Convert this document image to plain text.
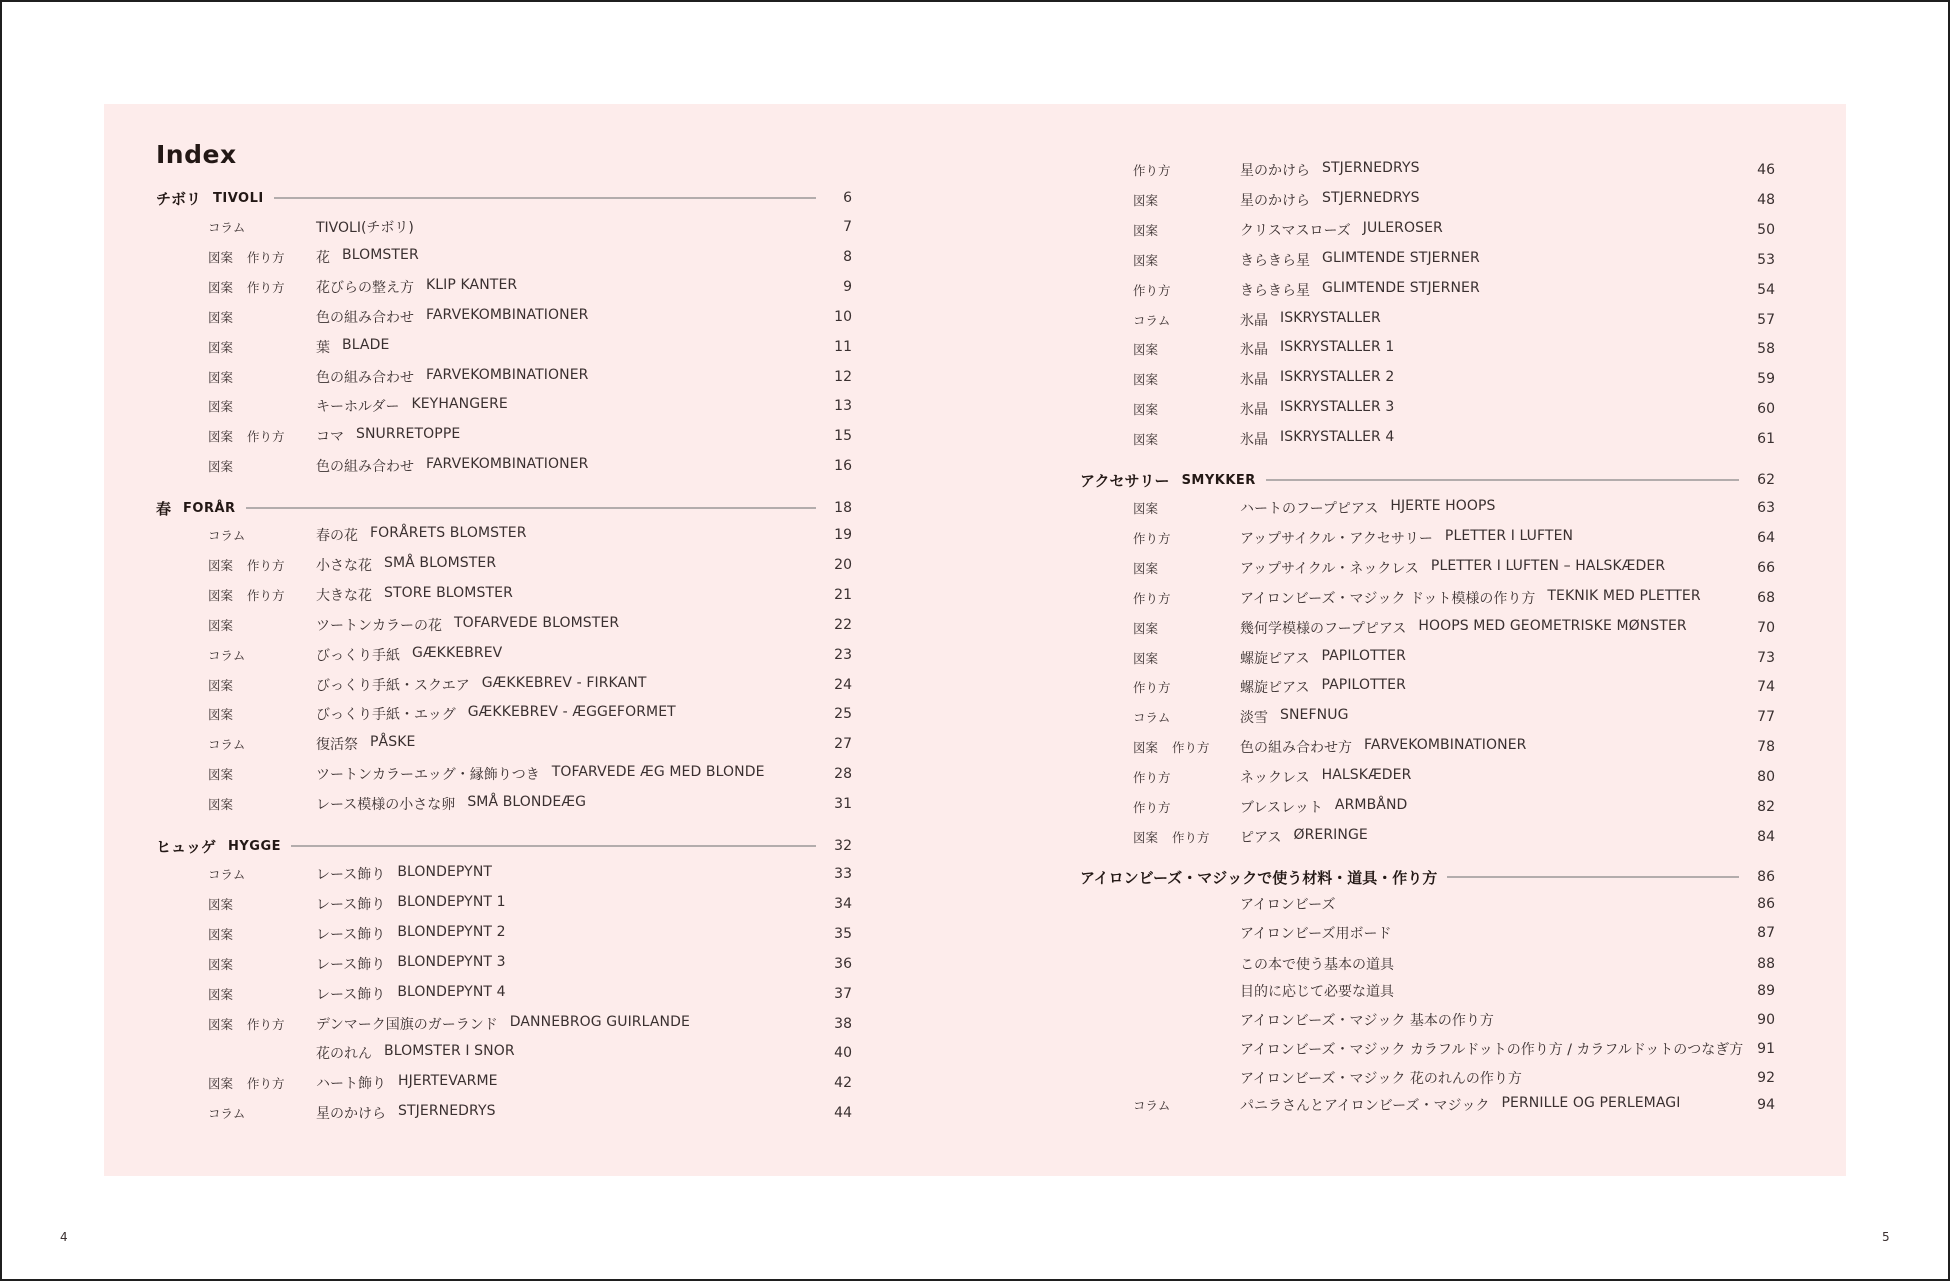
Index
チボリ TIVOLI	6
コラム	TIVOLI(チボリ)	7
図案 作り方 花 BLOMSTER	8
図案 作り方 花びらの整え方 KLIP KANTER	9
図案	色の組み合わせ FARVEKOMBINATIONER	10
図案	葉 BLADE	11
図案	色の組み合わせ FARVEKOMBINATIONER	12
図案	キーホルダー KEYHANGERE	13
図案 作り方 コマ SNURRETOPPE	15
図案	色の組み合わせ FARVEKOMBINATIONER	16
春 FORÅR	18
コラム	春の花 FORÅRETS BLOMSTER	19
図案 作り方 小さな花 SMÅ BLOMSTER	20
図案 作り方 大きな花 STORE BLOMSTER	21
図案	ツートンカラーの花 TOFARVEDE BLOMSTER	22
コラム	びっくり手紙 GÆKKEBREV	23
図案	びっくり手紙・スクエア GÆKKEBREV - FIRKANT	24
図案	びっくり手紙・エッグ GÆKKEBREV - ÆGGEFORMET	25
コラム	復活祭 PÅSKE	27
図案	ツートンカラーエッグ・縁飾りつき TOFARVEDE ÆG MED BLONDE	28
図案	レース模様の小さな卵 SMÅ BLONDEÆG	31
ヒュッゲ HYGGE	32
コラム	レース飾り BLONDEPYNT	33
図案	レース飾り BLONDEPYNT 1	34
図案	レース飾り BLONDEPYNT 2	35
図案	レース飾り BLONDEPYNT 3	36
図案	レース飾り BLONDEPYNT 4	37
図案 作り方 デンマーク国旗のガーランド DANNEBROG GUIRLANDE	38
花のれん BLOMSTER I SNOR	40
図案 作り方 ハート飾り HJERTEVARME	42
コラム	星のかけら STJERNEDRYS	44
作り方	星のかけら STJERNEDRYS	46
図案	星のかけら STJERNEDRYS	48
図案	クリスマスローズ JULEROSER	50
図案	きらきら星 GLIMTENDE STJERNER	53
作り方	きらきら星 GLIMTENDE STJERNER	54
コラム	氷晶 ISKRYSTALLER	57
図案	氷晶 ISKRYSTALLER 1	58
図案	氷晶 ISKRYSTALLER 2	59
図案	氷晶 ISKRYSTALLER 3	60
図案	氷晶 ISKRYSTALLER 4	61
アクセサリー SMYKKER	62
図案	ハートのフープピアス HJERTE HOOPS	63
作り方	アップサイクル・アクセサリー PLETTER I LUFTEN	64
図案	アップサイクル・ネックレス PLETTER I LUFTEN – HALSKÆDER	66
作り方	アイロンビーズ・マジック ドット模様の作り方 TEKNIK MED PLETTER	68
図案	幾何学模様のフープピアス HOOPS MED GEOMETRISKE MØNSTER	70
図案	螺旋ピアス PAPILOTTER	73
作り方	螺旋ピアス PAPILOTTER	74
コラム	淡雪 SNEFNUG	77
図案 作り方 色の組み合わせ方 FARVEKOMBINATIONER	78
作り方	ネックレス HALSKÆDER	80
作り方	ブレスレット ARMBÅND	82
図案 作り方 ピアス ØRERINGE	84
アイロンビーズ・マジックで使う材料・道具・作り方	86
アイロンビーズ	86
アイロンビーズ用ボード	87
この本で使う基本の道具	88
目的に応じて必要な道具	89
アイロンビーズ・マジック 基本の作り方	90
アイロンビーズ・マジック カラフルドットの作り方 / カラフルドットのつなぎ方 91
アイロンビーズ・マジック 花のれんの作り方	92
コラム	パニラさんとアイロンビーズ・マジック PERNILLE OG PERLEMAGI	94
4	5
